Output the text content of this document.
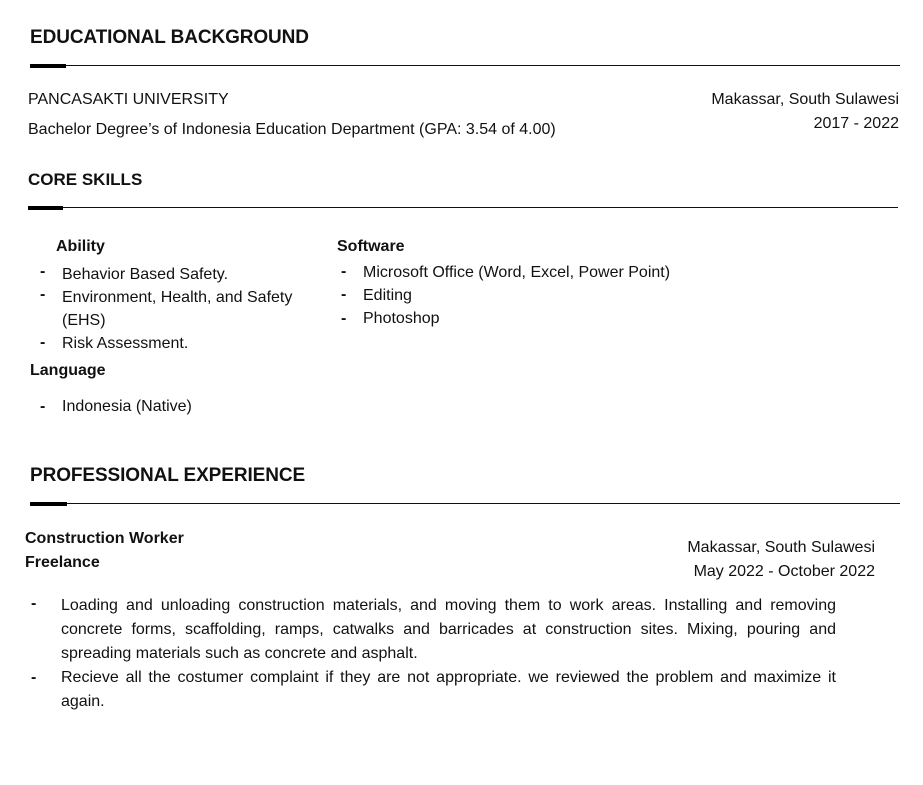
EDUCATIONAL BACKGROUND
PANCASAKTI UNIVERSITY
Bachelor Degree’s of Indonesia Education Department (GPA: 3.54 of 4.00)
Makassar, South Sulawesi
2017 - 2022
CORE SKILLS
Ability
- Behavior Based Safety.
- Environment, Health, and Safety
(EHS)
- Risk Assessment.
Software
- Microsoft Office (Word, Excel, Power Point)
- Editing
- Photoshop
Language
- Indonesia (Native)
PROFESSIONAL EXPERIENCE
Construction Worker
Freelance
Makassar, South Sulawesi
May 2022 - October 2022
- Loading and unloading construction materials, and moving them to work areas. Installing and removing concrete forms, scaffolding, ramps, catwalks and barricades at construction sites. Mixing, pouring and spreading materials such as concrete and asphalt.
- Recieve all the costumer complaint if they are not appropriate. we reviewed the problem and maximize it again.
